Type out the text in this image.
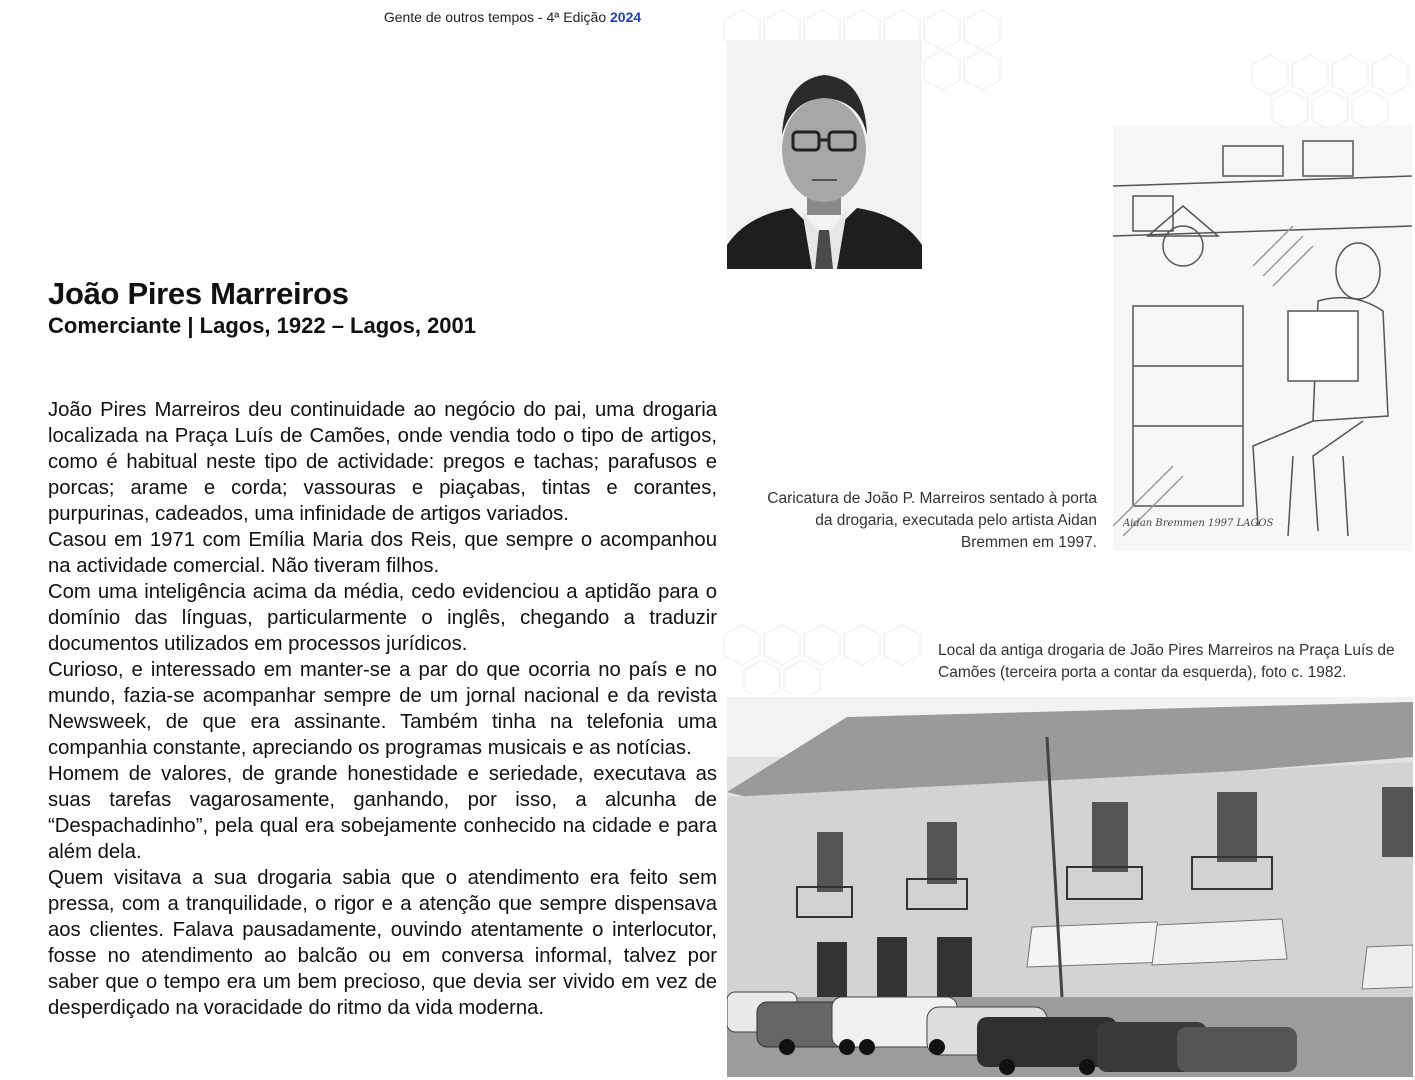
Gente de outros tempos - 4ª Edição 2024
João Pires Marreiros
Comerciante | Lagos, 1922 – Lagos, 2001

João Pires Marreiros deu continuidade ao negócio do pai, uma drogaria localizada na Praça Luís de Camões, onde vendia todo o tipo de artigos, como é habitual neste tipo de actividade: pregos e tachas; parafusos e porcas; arame e corda; vassouras e piaçabas, tintas e corantes, purpurinas, cadeados, uma infinidade de artigos variados.

Casou em 1971 com Emília Maria dos Reis, que sempre o acompanhou na actividade comercial. Não tiveram filhos.

Com uma inteligência acima da média, cedo evidenciou a aptidão para o domínio das línguas, particularmente o inglês, chegando a traduzir documentos utilizados em processos jurídicos.

Curioso, e interessado em manter-se a par do que ocorria no país e no mundo, fazia-se acompanhar sempre de um jornal nacional e da revista Newsweek, de que era assinante. Também tinha na telefonia uma companhia constante, apreciando os programas musicais e as notícias.

Homem de valores, de grande honestidade e seriedade, executava as suas tarefas vagarosamente, ganhando, por isso, a alcunha de “Despachadinho”, pela qual era sobejamente conhecido na cidade e para além dela.

Quem visitava a sua drogaria sabia que o atendimento era feito sem pressa, com a tranquilidade, o rigor e a atenção que sempre dispensava aos clientes. Falava pausadamente, ouvindo atentamente o interlocutor, fosse no atendimento ao balcão ou em conversa informal, talvez por saber que o tempo era um bem precioso, que devia ser vivido em vez de desperdiçado na voracidade do ritmo da vida moderna.

Aidan Bremmen 1997 LAGOS
Caricatura de João P. Marreiros sentado à porta da drogaria, executada pelo artista Aidan Bremmen em 1997.
Local da antiga drogaria de João Pires Marreiros na Praça Luís de Camões (terceira porta a contar da esquerda), foto c. 1982.
